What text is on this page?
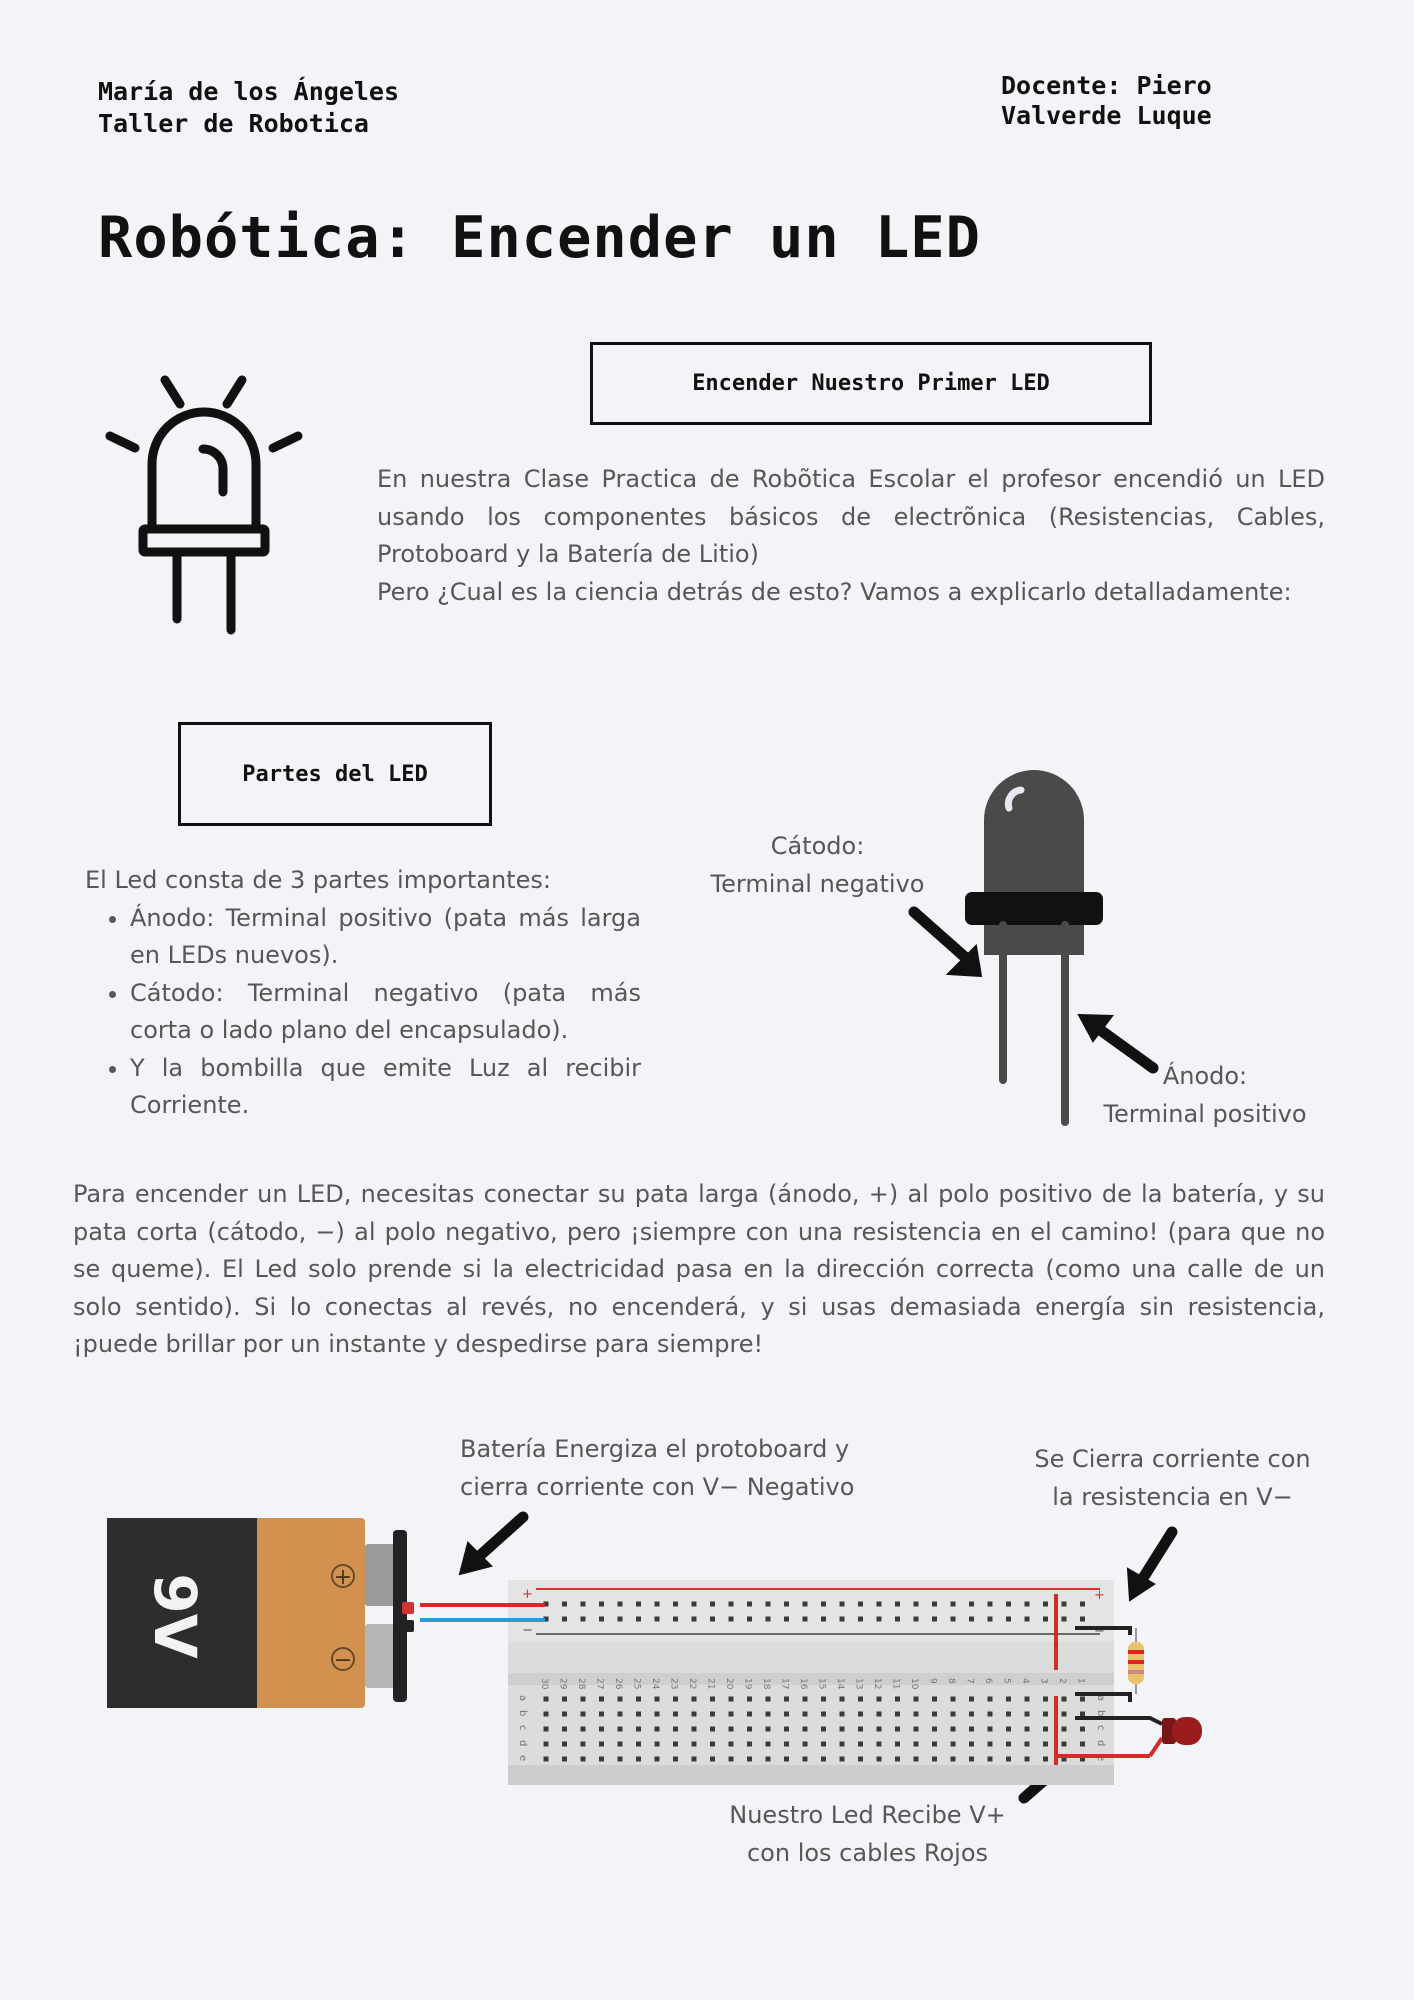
María de los Ángeles
Taller de Robotica
Docente: Piero
Valverde Luque
Robótica: Encender un LED
Encender Nuestro Primer LED
En nuestra Clase Practica de Robõtica Escolar el profesor encendió un LED usando los componentes básicos de electrõnica (Resistencias, Cables, Protoboard y la Batería de Litio)
Pero ¿Cual es la ciencia detrás de esto? Vamos a explicarlo detalladamente:
Partes del LED
El Led consta de 3 partes importantes:
• Ánodo: Terminal positivo (pata más larga en LEDs nuevos).
• Cátodo: Terminal negativo (pata más corta o lado plano del encapsulado).
• Y la bombilla que emite Luz al recibir Corriente.
Cátodo:
Terminal negativo
Ánodo:
Terminal positivo
Para encender un LED, necesitas conectar su pata larga (ánodo, +) al polo positivo de la batería, y su pata corta (cátodo, −) al polo negativo, pero ¡siempre con una resistencia en el camino! (para que no se queme). El Led solo prende si la electricidad pasa en la dirección correcta (como una calle de un solo sentido). Si lo conectas al revés, no encenderá, y si usas demasiada energía sin resistencia, ¡puede brillar por un instante y despedirse para siempre!
Batería Energiza el protoboard y
cierra corriente con V− Negativo
Se Cierra corriente con
la resistencia en V−
Nuestro Led Recibe V+
con los cables Rojos
9V	+
−
+
−
+
−
30 29 28 27 26 25 24 23 22 21 20 19 18 17 16 15 14 13 12 11 10 9 8 7 6 5 4 3 2 1
a	a
b	b
c	c
d	d
e	e
